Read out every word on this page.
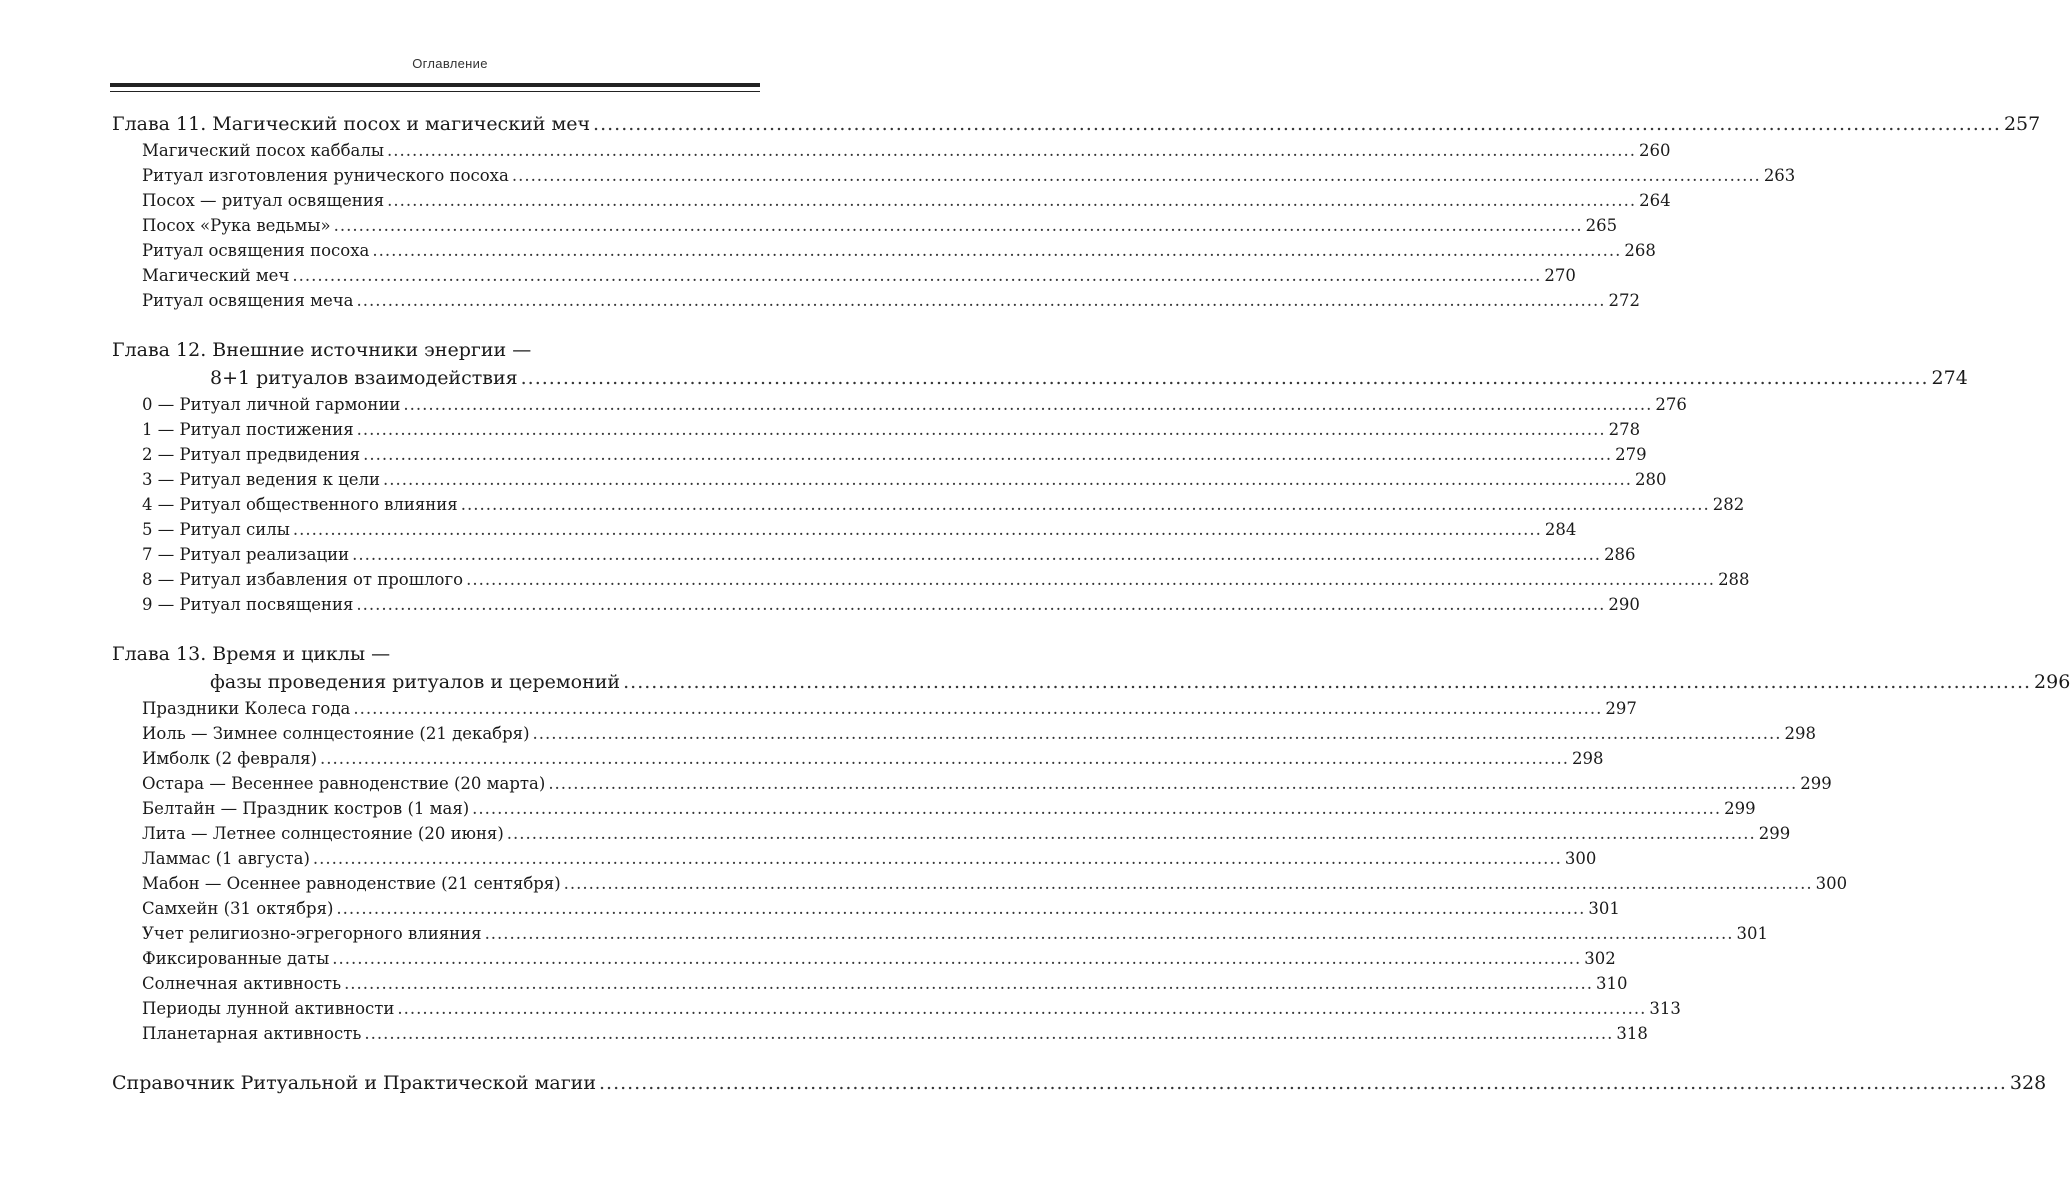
Оглавление
Глава 11. Магический посох и магический меч ........................................................................................................................................................................................................ 257
Магический посох каббалы ........................................................................................................................................................................................................ 260
Ритуал изготовления рунического посоха ........................................................................................................................................................................................................ 263
Посох — ритуал освящения ........................................................................................................................................................................................................ 264
Посох «Рука ведьмы» ........................................................................................................................................................................................................ 265
Ритуал освящения посоха ........................................................................................................................................................................................................ 268
Магический меч ........................................................................................................................................................................................................ 270
Ритуал освящения меча ........................................................................................................................................................................................................ 272
Глава 12. Внешние источники энергии —
8+1 ритуалов взаимодействия ........................................................................................................................................................................................................ 274
0 — Ритуал личной гармонии ........................................................................................................................................................................................................ 276
1 — Ритуал постижения ........................................................................................................................................................................................................ 278
2 — Ритуал предвидения ........................................................................................................................................................................................................ 279
3 — Ритуал ведения к цели ........................................................................................................................................................................................................ 280
4 — Ритуал общественного влияния ........................................................................................................................................................................................................ 282
5 — Ритуал силы ........................................................................................................................................................................................................ 284
7 — Ритуал реализации ........................................................................................................................................................................................................ 286
8 — Ритуал избавления от прошлого ........................................................................................................................................................................................................ 288
9 — Ритуал посвящения ........................................................................................................................................................................................................ 290
Глава 13. Время и циклы —
фазы проведения ритуалов и церемоний ........................................................................................................................................................................................................ 296
Праздники Колеса года ........................................................................................................................................................................................................ 297
Иоль — Зимнее солнцестояние (21 декабря) ........................................................................................................................................................................................................ 298
Имболк (2 февраля) ........................................................................................................................................................................................................ 298
Остара — Весеннее равноденствие (20 марта) ........................................................................................................................................................................................................ 299
Белтайн — Праздник костров (1 мая) ........................................................................................................................................................................................................ 299
Лита — Летнее солнцестояние (20 июня) ........................................................................................................................................................................................................ 299
Ламмас (1 августа) ........................................................................................................................................................................................................ 300
Мабон — Осеннее равноденствие (21 сентября) ........................................................................................................................................................................................................ 300
Самхейн (31 октября) ........................................................................................................................................................................................................ 301
Учет религиозно-эгрегорного влияния ........................................................................................................................................................................................................ 301
Фиксированные даты ........................................................................................................................................................................................................ 302
Солнечная активность ........................................................................................................................................................................................................ 310
Периоды лунной активности ........................................................................................................................................................................................................ 313
Планетарная активность ........................................................................................................................................................................................................ 318
Справочник Ритуальной и Практической магии ........................................................................................................................................................................................................ 328
